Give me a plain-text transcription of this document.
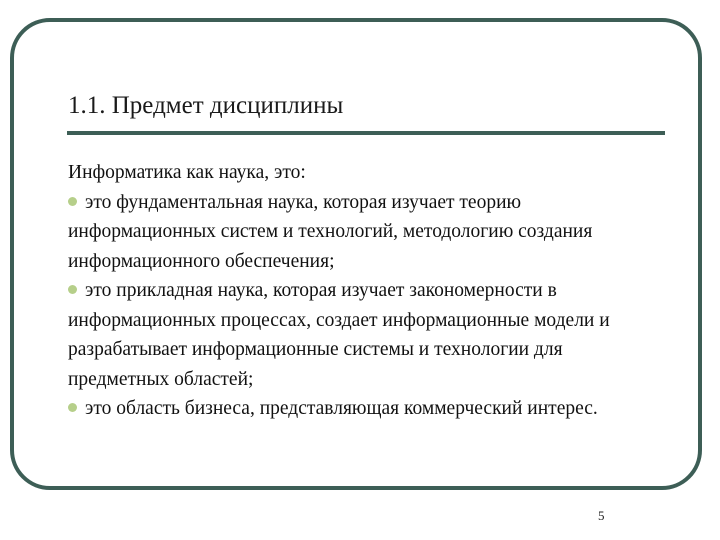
1.1. Предмет дисциплины

Информатика как наука, это:

это фундаментальная наука, которая изучает теорию информационных систем и технологий, методологию создания информационного обеспечения;

это прикладная наука, которая изучает закономерности в информационных процессах, создает информационные модели и разрабатывает информационные системы и технологии для предметных областей;

это область бизнеса, представляющая коммерческий интерес.

5
